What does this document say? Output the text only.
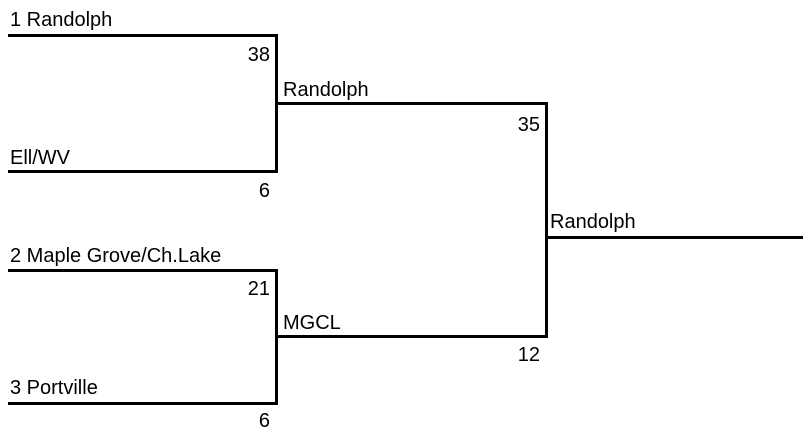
1 Randolph
38
Ell/WV
6
2 Maple Grove/Ch.Lake
21
3 Portville
6
Randolph
35
MGCL
12
Randolph
